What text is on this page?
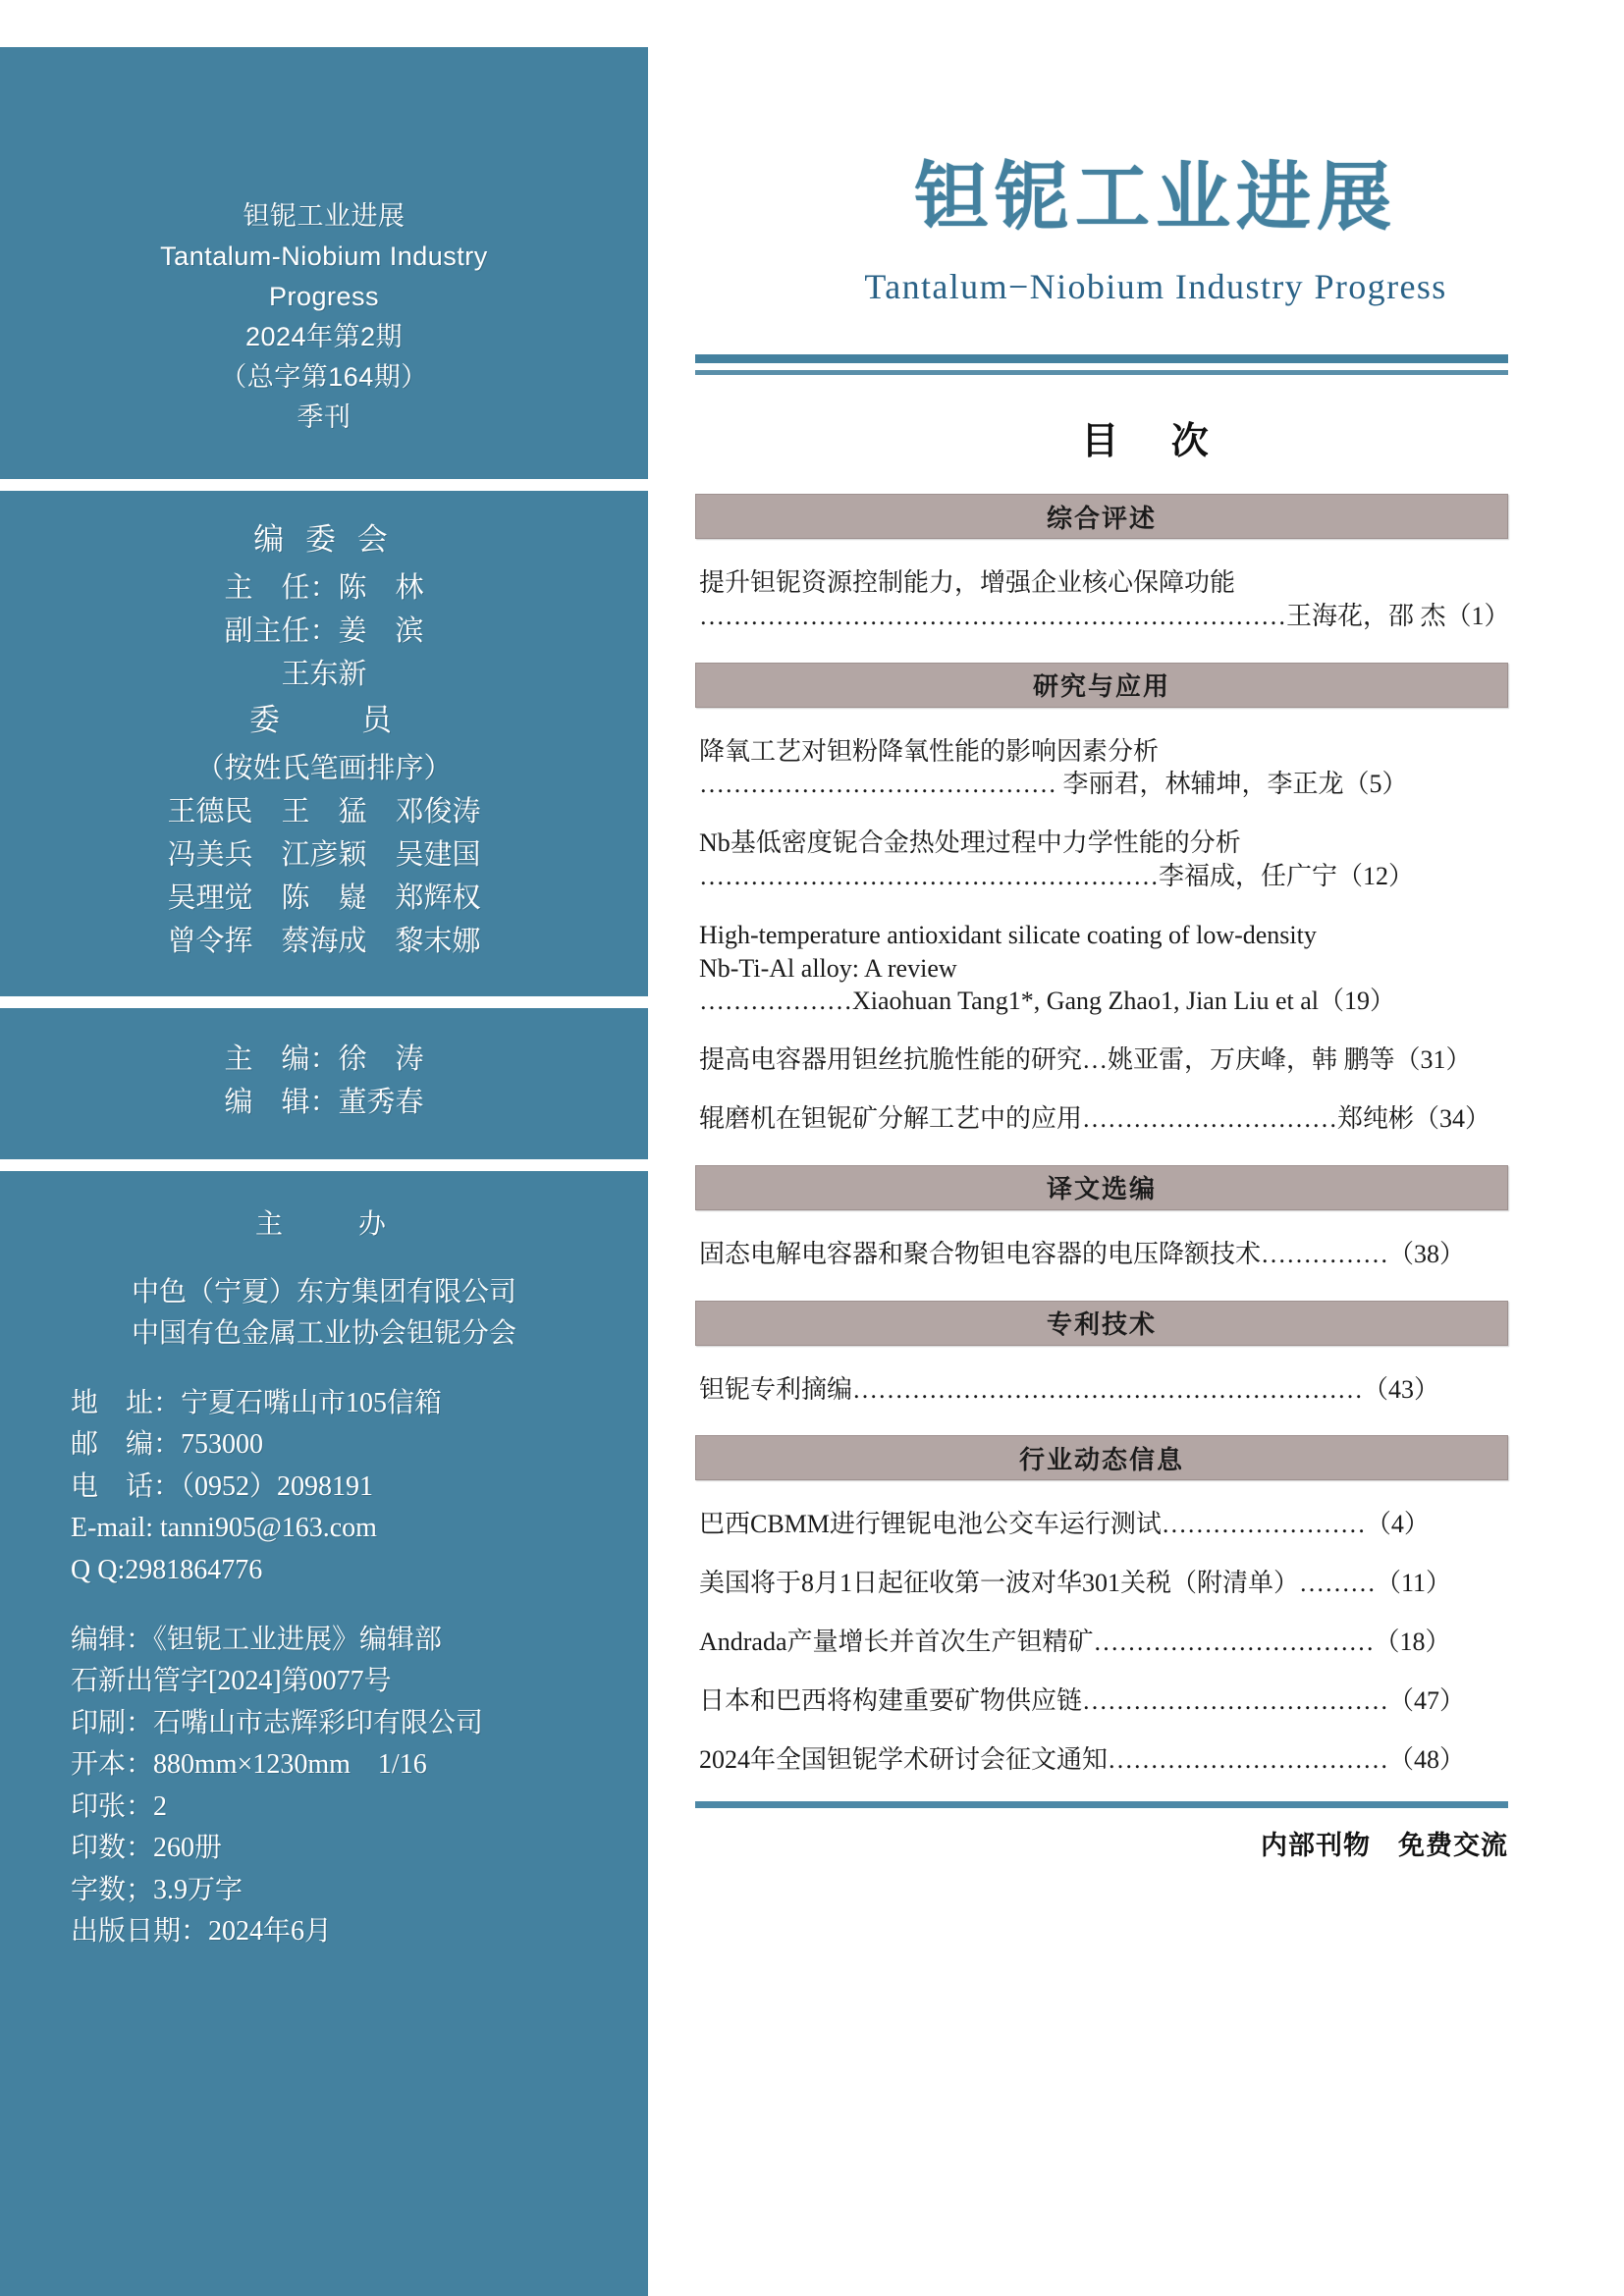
钽铌工业进展
Tantalum-Niobium Industry
Progress
2024年第2期
（总字第164期）
季刊
编 委 会
主　任：陈　林
副主任：姜　滨
王东新
委　　员
（按姓氏笔画排序）
王德民　王　猛　邓俊涛
冯美兵　江彦颖　吴建国
吴理觉　陈　嶷　郑辉权
曾令挥　蔡海成　黎末娜
主　编：徐　涛
编　辑：董秀春
主　　办
中色（宁夏）东方集团有限公司
中国有色金属工业协会钽铌分会
地　址：宁夏石嘴山市105信箱
邮　编：753000
电　话：（0952）2098191
E-mail: tanni905@163.com
Q Q:2981864776
编辑：《钽铌工业进展》编辑部
石新出管字[2024]第0077号
印刷：石嘴山市志辉彩印有限公司
开本：880mm×1230mm　1/16
印张：2
印数：260册
字数；3.9万字
出版日期：2024年6月
钽铌工业进展
Tantalum−Niobium Industry Progress
目 次
综合评述
提升钽铌资源控制能力，增强企业核心保障功能
……………………………………………………………王海花，邵 杰（1）
研究与应用
降氧工艺对钽粉降氧性能的影响因素分析
…………………………………… 李丽君，林辅坤，李正龙（5）
Nb基低密度铌合金热处理过程中力学性能的分析
………………………………………………李福成，任广宁（12）
High-temperature antioxidant silicate coating of low-density
Nb-Ti-Al alloy: A review
………………Xiaohuan Tang1*, Gang Zhao1, Jian Liu et al（19）
提高电容器用钽丝抗脆性能的研究…姚亚雷，万庆峰，韩 鹏等（31）
辊磨机在钽铌矿分解工艺中的应用…………………………郑纯彬（34）
译文选编
固态电解电容器和聚合物钽电容器的电压降额技术……………（38）
专利技术
钽铌专利摘编……………………………………………………（43）
行业动态信息
巴西CBMM进行锂铌电池公交车运行测试……………………（4）
美国将于8月1日起征收第一波对华301关税（附清单）………（11）
Andrada产量增长并首次生产钽精矿……………………………（18）
日本和巴西将构建重要矿物供应链………………………………（47）
2024年全国钽铌学术研讨会征文通知……………………………（48）
内部刊物　免费交流
